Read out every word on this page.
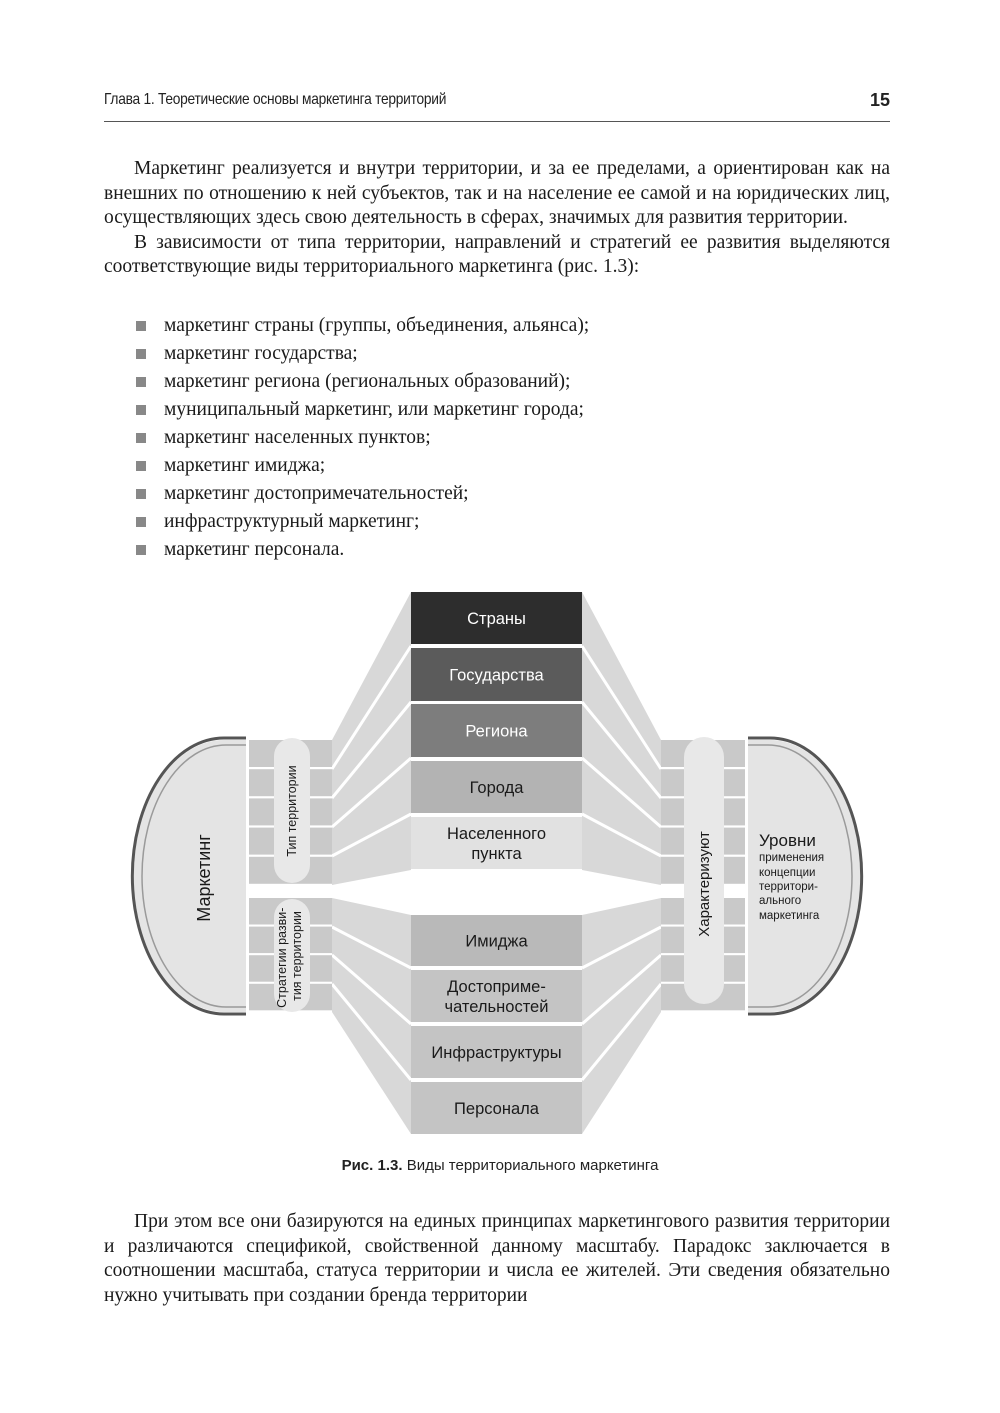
Глава 1. Теоретические основы маркетинга территорий	15

Маркетинг реализуется и внутри территории, и за ее пределами, а ориентирован как на внешних по отношению к ней субъектов, так и на население ее самой и на юридических лиц, осуществляющих здесь свою деятельность в сферах, значимых для развития территории.

В зависимости от типа территории, направлений и стратегий ее развития выделяются соответствующие виды территориального маркетинга (рис. 1.3):

маркетинг страны (группы, объединения, альянса);
маркетинг государства;
маркетинг региона (региональных образований);
муниципальный маркетинг, или маркетинг города;
маркетинг населенных пунктов;
маркетинг имиджа;
маркетинг достопримечательностей;
инфраструктурный маркетинг;
маркетинг персонала.
Маркетинг	Уровни
применения концепции территори- ального маркетинга
Страны
Государства
Региона
Города
Населенного
пункта
Имиджа
Достоприме-
чательностей
Инфраструктуры
Персонала
Тип территории
Стратегии разви- тия территории
Характеризуют
Рис. 1.3. Виды территориального маркетинга

При этом все они базируются на единых принципах маркетингового развития территории и различаются спецификой, свойственной данному масштабу. Парадокс заключается в соотношении масштаба, статуса территории и числа ее жителей. Эти сведения обязательно нужно учитывать при создании бренда территории
